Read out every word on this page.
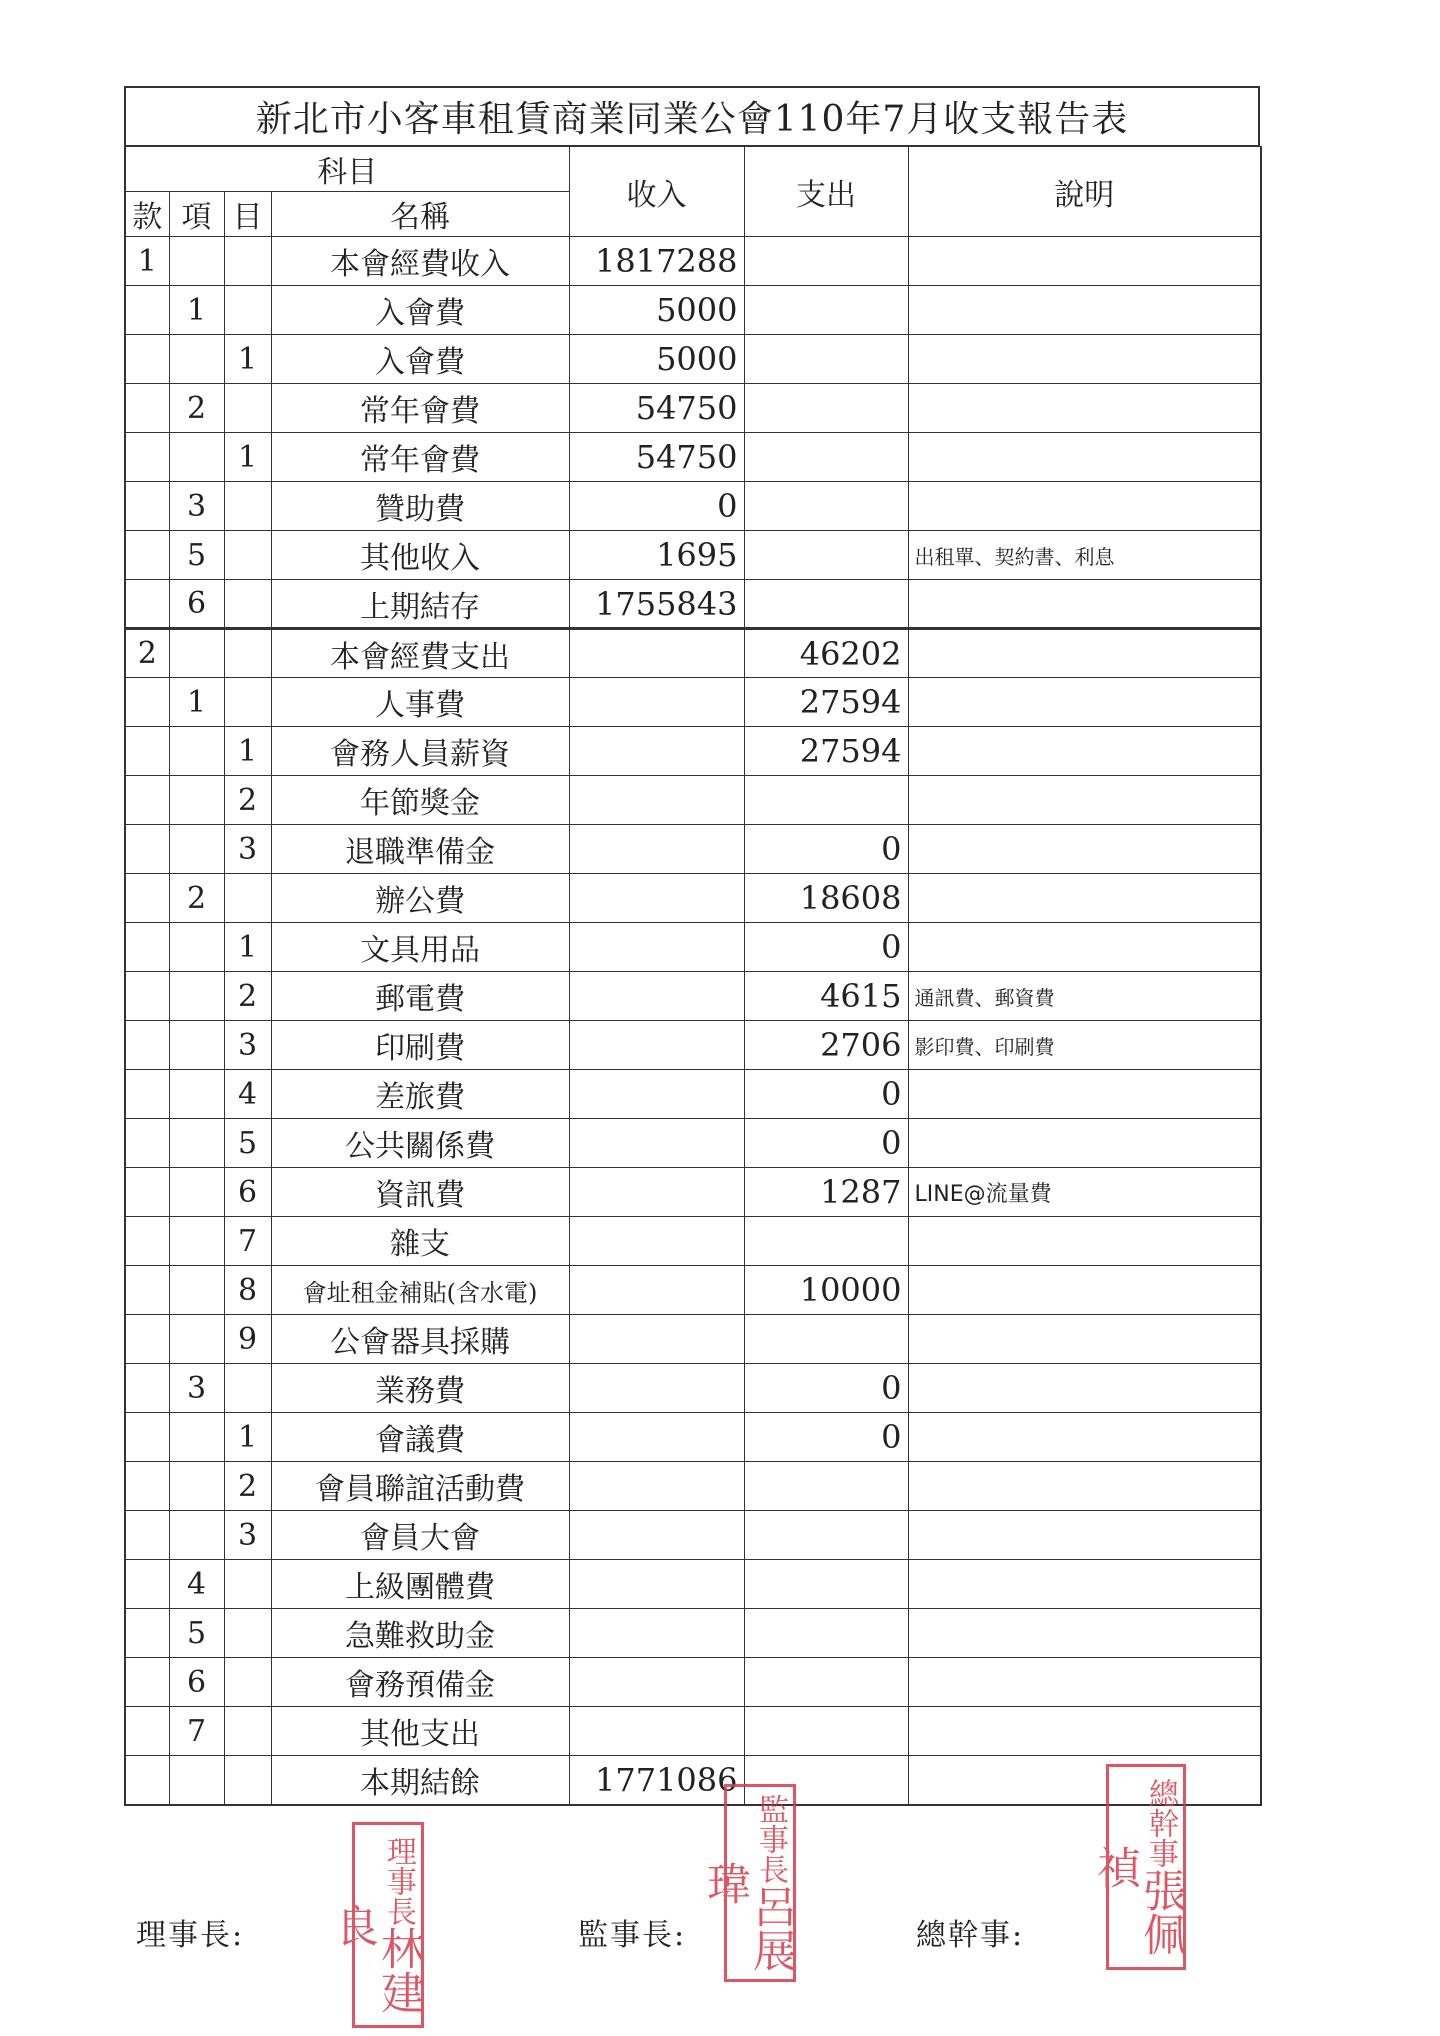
新北市小客車租賃商業同業公會110年7月收支報告表
科目				收入	支出	說明
款	項	目	名稱			
1			本會經費收入	1817288		
	1		入會費	5000		
		1	入會費	5000		
	2		常年會費	54750		
		1	常年會費	54750		
	3		贊助費	0		
	5		其他收入	1695		出租單、契約書、利息
	6		上期結存	1755843		
2			本會經費支出		46202	
	1		人事費		27594	
		1	會務人員薪資		27594	
		2	年節獎金			
		3	退職準備金		0	
	2		辦公費		18608	
		1	文具用品		0	
		2	郵電費		4615	通訊費、郵資費
		3	印刷費		2706	影印費、印刷費
		4	差旅費		0	
		5	公共關係費		0	
		6	資訊費		1287	LINE@流量費
		7	雜支			
		8	會址租金補貼(含水電)		10000	
		9	公會器具採購			
	3		業務費		0	
		1	會議費		0	
		2	會員聯誼活動費			
		3	會員大會			
	4		上級團體費			
	5		急難救助金			
	6		會務預備金			
	7		其他支出			
			本期結餘	1771086		
理事長:	監事長:	總幹事:
理事長林建良
監事長呂展瑋
總幹事張佩禎
